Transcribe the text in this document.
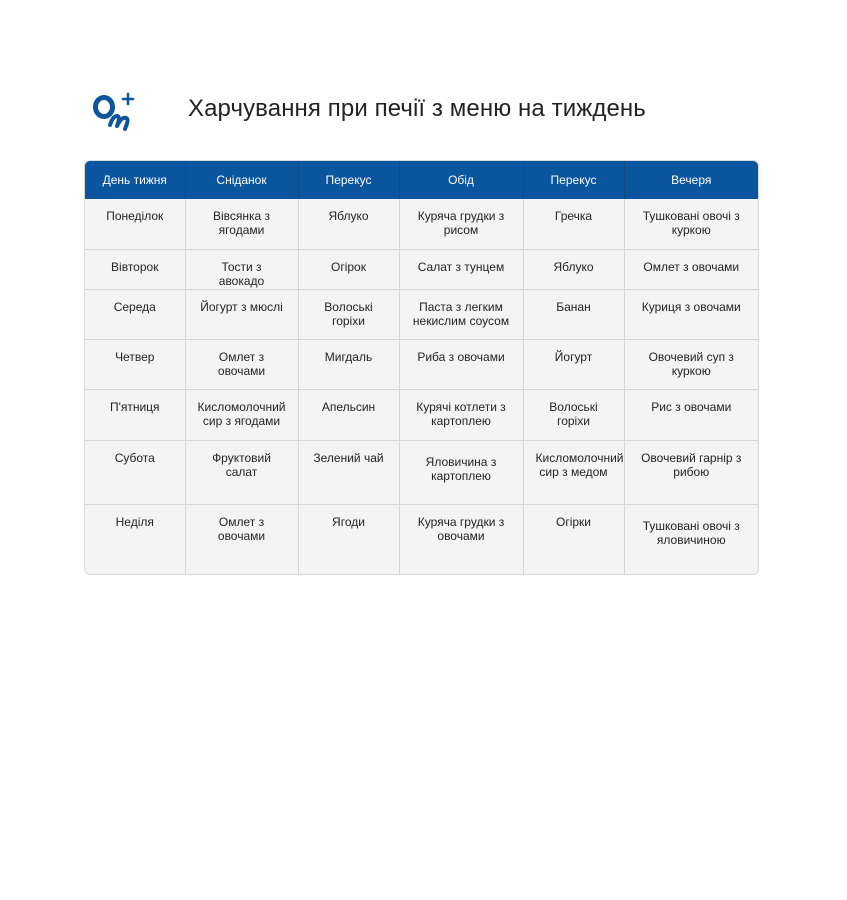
Харчування при печії з меню на тиждень
День тижня	Сніданок	Перекус	Обід	Перекус	Вечеря
Понеділок	Вівсянка з ягодами	Яблуко	Куряча грудки з рисом	Гречка	Тушковані овочі з куркою
Вівторок	Тости з авокадо	Огірок	Салат з тунцем	Яблуко	Омлет з овочами
Середа	Йогурт з мюслі	Волоські горіхи	Паста з легким некислим соусом	Банан	Куриця з овочами
Четвер	Омлет з овочами	Мигдаль	Риба з овочами	Йогурт	Овочевий суп з куркою
П'ятниця	Кисломолочний сир з ягодами	Апельсин	Курячі котлети з картоплею	Волоські горіхи	Рис з овочами
Субота	Фруктовий салат	Зелений чай	Яловичина з картоплею	Кисломолочний сир з медом	Овочевий гарнір з рибою
Неділя	Омлет з овочами	Ягоди	Куряча грудки з овочами	Огірки	Тушковані овочі з яловичиною
